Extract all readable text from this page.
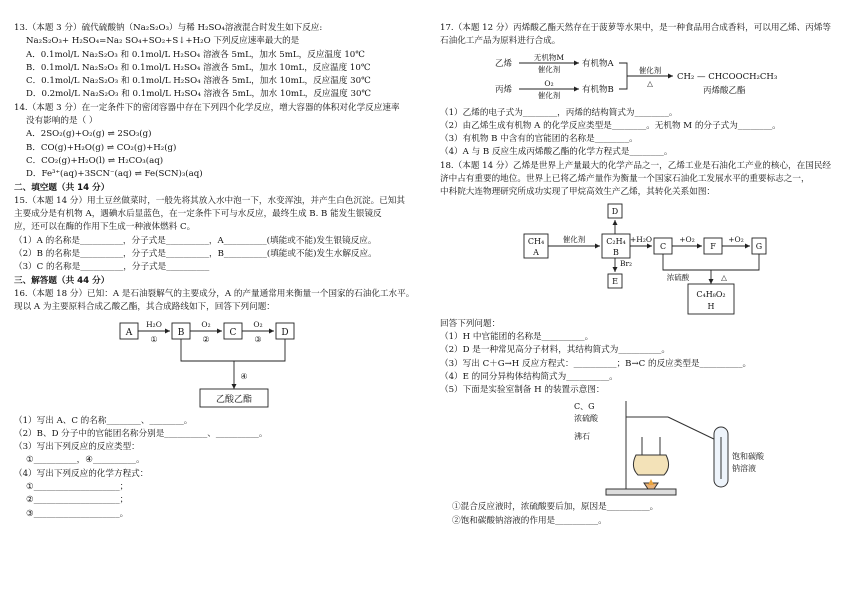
13.（本题 3 分）硫代硫酸钠（Na₂S₂O₃）与稀 H₂SO₄溶液混合时发生如下反应:
Na₂S₂O₃+ H₂SO₄=Na₂ SO₄+SO₂+S↓+H₂O 下列反应速率最大的是
A．0.1mol/L Na₂S₂O₃ 和 0.1mol/L H₂SO₄ 溶液各 5mL，加水 5mL，反应温度 10℃
B．0.1mol/L Na₂S₂O₃ 和 0.1mol/L H₂SO₄ 溶液各 5mL，加水 10mL，反应温度 10℃
C．0.1mol/L Na₂S₂O₃ 和 0.1mol/L H₂SO₄ 溶液各 5mL，加水 10mL，反应温度 30℃
D．0.2mol/L Na₂S₂O₃ 和 0.1mol/L H₂SO₄ 溶液各 5mL，加水 10mL，反应温度 30℃
14.（本题 3 分）在一定条件下的密闭容器中存在下列四个化学反应，增大容器的体积对化学反应速率
没有影响的是（ ）
A．2SO₂(g)+O₂(g) ⇌ 2SO₃(g)
B．CO(g)+H₂O(g) ⇌ CO₂(g)+H₂(g)
C．CO₂(g)+H₂O(l) ⇌ H₂CO₃(aq)
D．Fe³⁺(aq)+3SCN⁻(aq) ⇌ Fe(SCN)₃(aq)
二、填空题（共 14 分）
15.（本题 14 分）用土豆丝做菜时，一般先将其放入水中泡一下，水变浑浊，并产生白色沉淀。已知其
主要成分是有机物 A，遇碘水后显蓝色，在一定条件下可与水反应，最终生成 B. B 能发生银镜反
应，还可以在酶的作用下生成一种液体燃料 C。
（1）A 的名称是__________，分子式是__________，A__________(填能或不能)发生银镜反应。
（2）B 的名称是__________，分子式是__________，B__________(填能或不能)发生水解反应。
（3）C 的名称是__________，分子式是__________
三、解答题（共 44 分）
16.（本题 18 分）已知：A 是石油裂解气的主要成分，A 的产量通常用来衡量一个国家的石油化工水平。
现以 A 为主要原料合成乙酸乙酯，其合成路线如下，回答下列问题：
A	B	C	D
H₂O	O₂	O₂
①	②	③
④
乙酸乙酯
（1）写出 A、C 的名称________、________。
（2）B、D 分子中的官能团名称分别是__________、__________。
（3）写出下列反应的反应类型：
①__________，④__________。
（4）写出下列反应的化学方程式：
①____________________；
②____________________；
③____________________。
17.（本题 12 分）丙烯酸乙酯天然存在于菠萝等水果中，是一种食品用合成香料，可以用乙烯、丙烯等
石油化工产品为原料进行合成。
乙烯
丙烯
无机物M
催化剂
有机物A
O₂
催化剂
有机物B
催化剂
△
CH₂ — CHCOOCH₂CH₃
丙烯酸乙酯
（1）乙烯的电子式为________，丙烯的结构简式为________。
（2）由乙烯生成有机物 A 的化学反应类型是________。无机物 M 的分子式为________。
（3）有机物 B 中含有的官能团的名称是________。
（4）A 与 B 反应生成丙烯酸乙酯的化学方程式是________。
18.（本题 14 分）乙烯是世界上产量最大的化学产品之一，乙烯工业是石油化工产业的核心，在国民经
济中占有重要的地位。世界上已将乙烯产量作为衡量一个国家石油化工发展水平的重要标志之一，
中科院大连物理研究所成功实现了甲烷高效生产乙烯，其转化关系如图：
CH₄
A
催化剂	C₂H₄
B
D
E
Br₂
+H₂O
C
+O₂
F
+O₂
G
浓硫酸	△
C₄H₈O₂
H
回答下列问题：
（1）H 中官能团的名称是__________。
（2）D 是一种常见高分子材料，其结构简式为__________。
（3）写出 C＋G→H 反应方程式：__________；B→C 的反应类型是__________。
（4）E 的同分异构体结构简式为__________。
（5）下面是实验室制备 H 的装置示意图：
C、G
浓硫酸
沸石
饱和碳酸
钠溶液
①混合反应液时，浓硫酸要后加，原因是__________。
②饱和碳酸钠溶液的作用是__________。
